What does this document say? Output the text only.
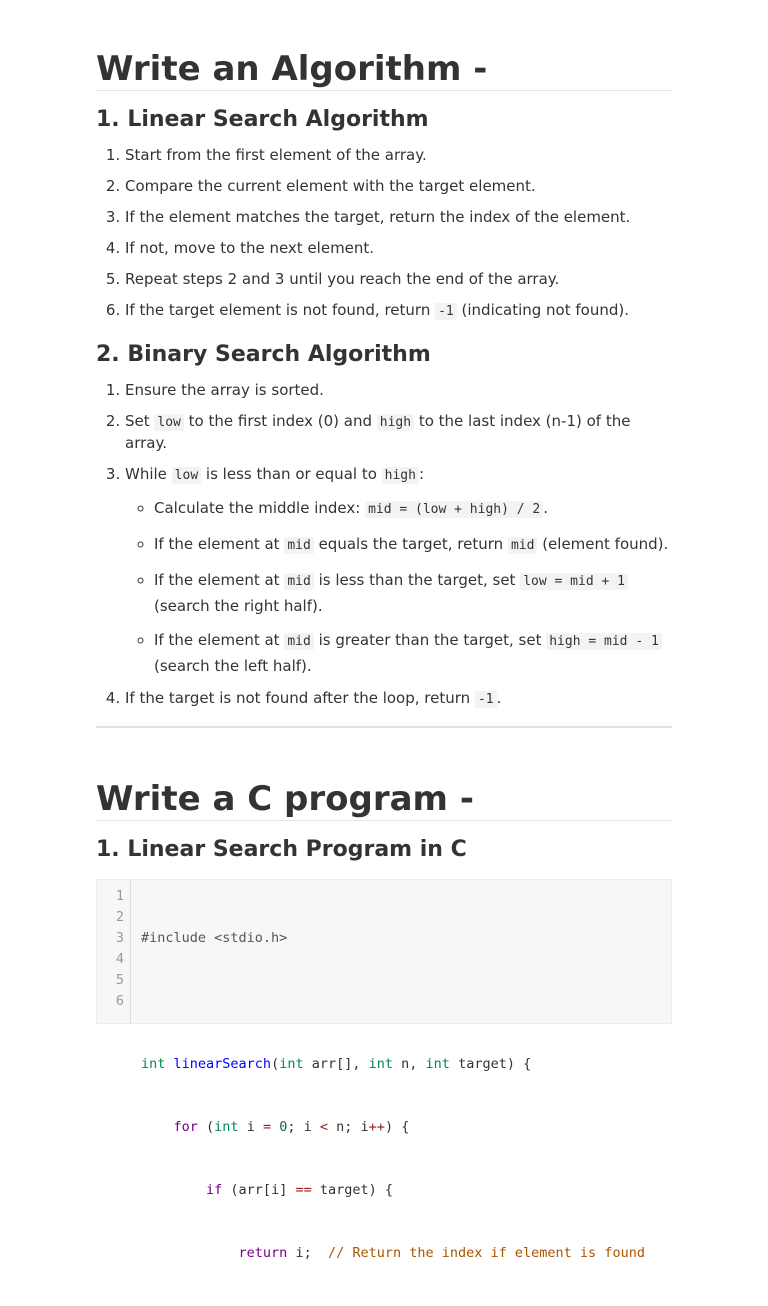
Write an Algorithm -
1. Linear Search Algorithm
1. Start from the first element of the array.
2. Compare the current element with the target element.
3. If the element matches the target, return the index of the element.
4. If not, move to the next element.
5. Repeat steps 2 and 3 until you reach the end of the array.
6. If the target element is not found, return -1 (indicating not found).
2. Binary Search Algorithm
1. Ensure the array is sorted.
2. Set low to the first index (0) and high to the last index (n-1) of the array.
3. While low is less than or equal to high :
◦ Calculate the middle index: mid = (low + high) / 2 .
◦ If the element at mid equals the target, return mid (element found).
◦ If the element at mid is less than the target, set low = mid + 1 (search the right half).
◦ If the element at mid is greater than the target, set high = mid - 1 (search the left half).
4. If the target is not found after the loop, return -1 .
Write a C program -
1. Linear Search Program in C
1
2
3
4
5
6

#include <stdio.h>

int linearSearch(int arr[], int n, int target) {

for (int i = 0; i < n; i++) {

if (arr[i] == target) {

return i;  // Return the index if element is found
